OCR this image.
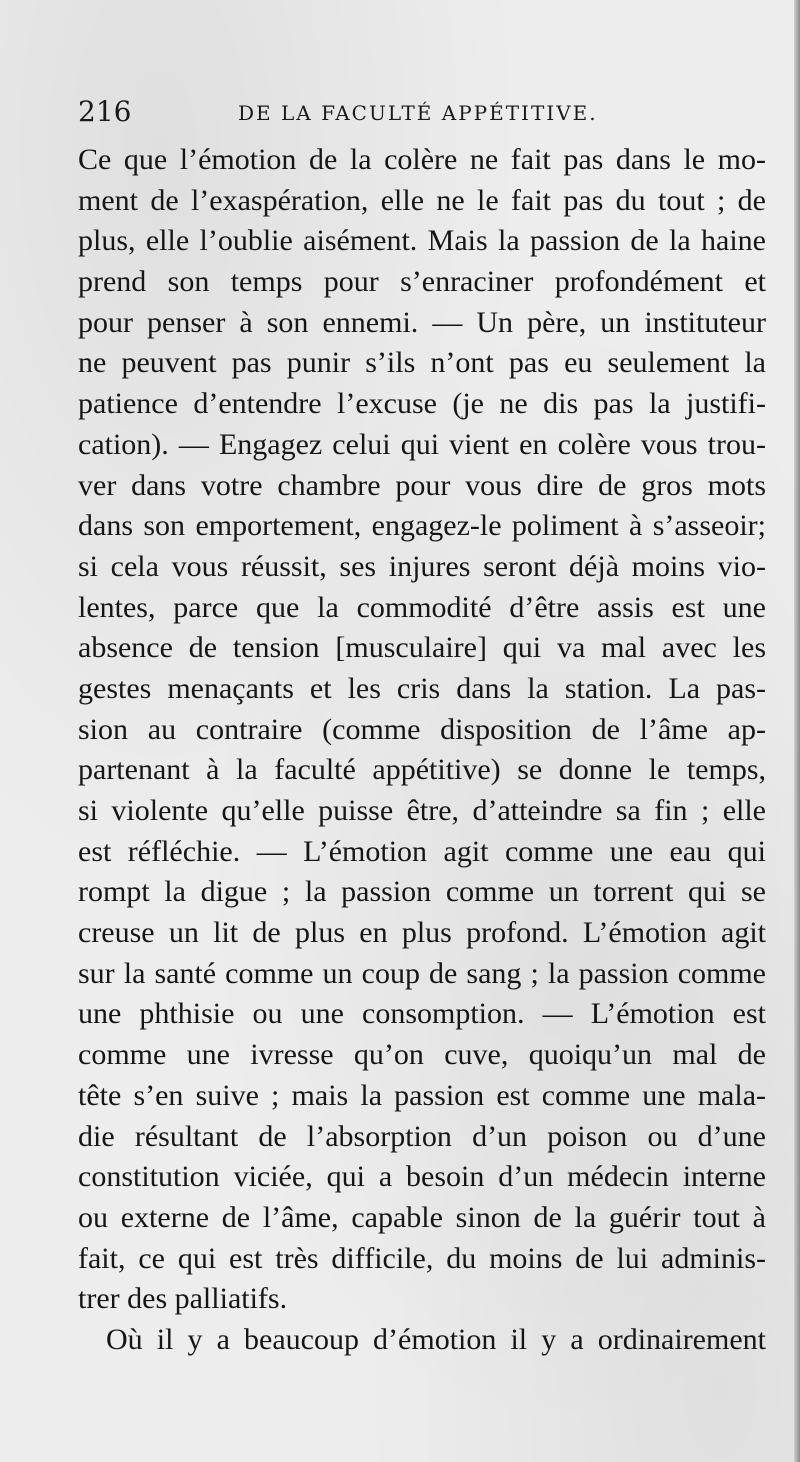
216	DE LA FACULTÉ APPÉTITIVE.
Ce que l’émotion de la colère ne fait pas dans le mo-
ment de l’exaspération, elle ne le fait pas du tout ; de
plus, elle l’oublie aisément. Mais la passion de la haine
prend son temps pour s’enraciner profondément et
pour penser à son ennemi. — Un père, un instituteur
ne peuvent pas punir s’ils n’ont pas eu seulement la
patience d’entendre l’excuse (je ne dis pas la justifi-
cation). — Engagez celui qui vient en colère vous trou-
ver dans votre chambre pour vous dire de gros mots
dans son emportement, engagez-le poliment à s’asseoir;
si cela vous réussit, ses injures seront déjà moins vio-
lentes, parce que la commodité d’être assis est une
absence de tension [musculaire] qui va mal avec les
gestes menaçants et les cris dans la station. La pas-
sion au contraire (comme disposition de l’âme ap-
partenant à la faculté appétitive) se donne le temps,
si violente qu’elle puisse être, d’atteindre sa fin ; elle
est réfléchie. — L’émotion agit comme une eau qui
rompt la digue ; la passion comme un torrent qui se
creuse un lit de plus en plus profond. L’émotion agit
sur la santé comme un coup de sang ; la passion comme
une phthisie ou une consomption. — L’émotion est
comme une ivresse qu’on cuve, quoiqu’un mal de
tête s’en suive ; mais la passion est comme une mala-
die résultant de l’absorption d’un poison ou d’une
constitution viciée, qui a besoin d’un médecin interne
ou externe de l’âme, capable sinon de la guérir tout à
fait, ce qui est très difficile, du moins de lui adminis-
trer des palliatifs.
Où il y a beaucoup d’émotion il y a ordinairement
